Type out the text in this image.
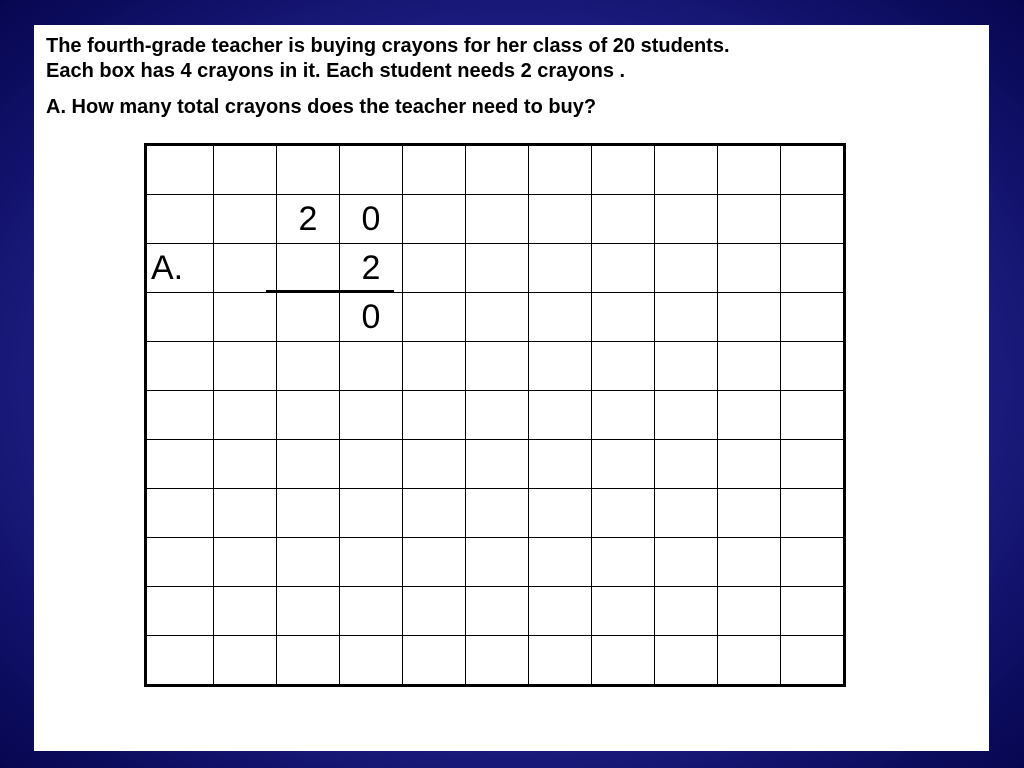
The fourth-grade teacher is buying crayons for her class of 20 students.
Each box has 4 crayons in it. Each student needs 2 crayons .

A. How many total crayons does the teacher need to buy?

		2	0							
A.			2							
			0							
